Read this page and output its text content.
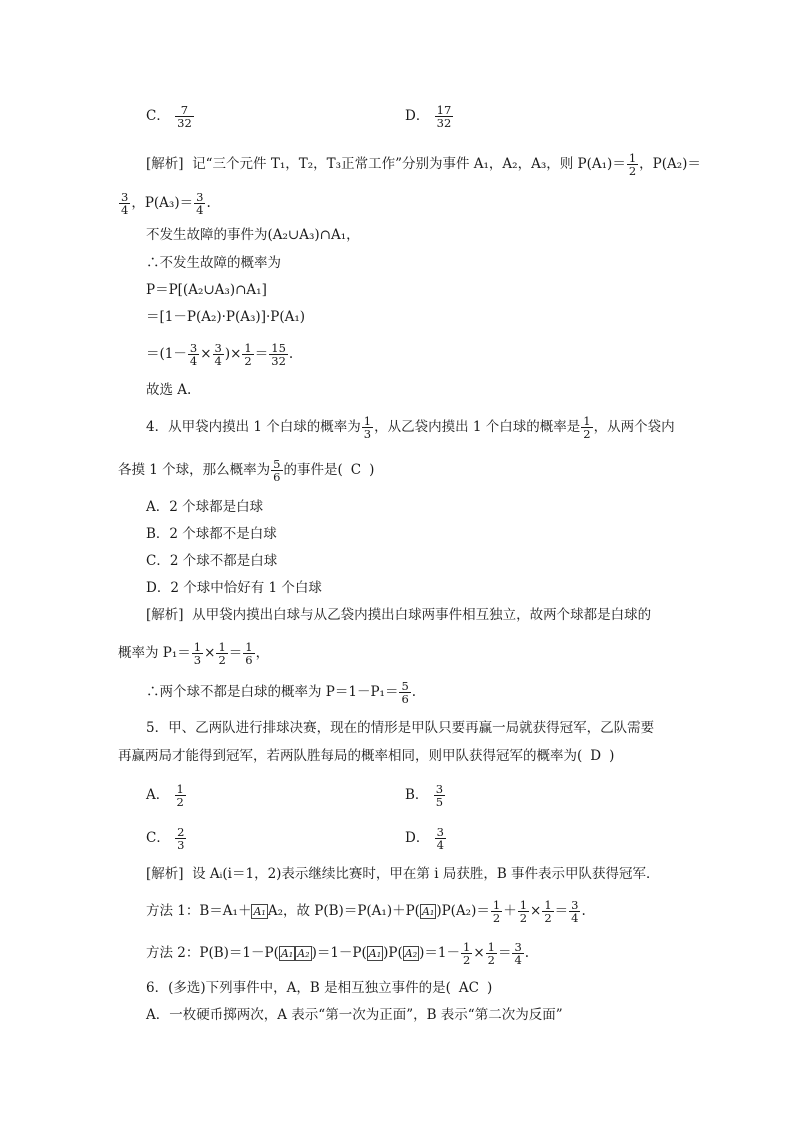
C． $\frac{7}{32}$	D． $\frac{17}{32}$
[解析] 记“三个元件 T₁，T₂，T₃正常工作”分别为事件 A₁，A₂，A₃，则 $P(A_1)= \frac{1}{2}$ ，P(A₂)＝
$\frac{3}{4}$ ，$P(A_3)= \frac{3}{4}$ .
不发生故障的事件为(A₂∪A₃)∩A₁，
∴不发生故障的概率为
P＝P[(A₂∪A₃)∩A₁]
＝[1－P(A₂)·P(A₃)]·P(A₁)
$=(1- \frac{3}{4} \times \frac{3}{4}$ )× $\frac{1}{2} = \frac{15}{32}$ .
故选 A.
4．从甲袋内摸出 1 个白球的概率为 $\frac{1}{3}$ ，从乙袋内摸出 1 个白球的概率是 $\frac{1}{2}$ ，从两个袋内
各摸 1 个球，那么概率为 $\frac{5}{6}$ 的事件是( C )
A．2 个球都是白球
B．2 个球都不是白球
C．2 个球不都是白球
D．2 个球中恰好有 1 个白球
[解析] 从甲袋内摸出白球与从乙袋内摸出白球两事件相互独立，故两个球都是白球的
概率为 $P_1= \frac{1}{3} \times \frac{1}{2} = \frac{1}{6}$ ，
∴两个球不都是白球的概率为 $P=1-P_1= \frac{5}{6}$ .
5．甲、乙两队进行排球决赛，现在的情形是甲队只要再赢一局就获得冠军，乙队需要
再赢两局才能得到冠军，若两队胜每局的概率相同，则甲队获得冠军的概率为( D )
A． $\frac{1}{2}$	B． $\frac{3}{5}$
C． $\frac{2}{3}$	D． $\frac{3}{4}$
[解析] 设 Aᵢ(i＝1，2)表示继续比赛时，甲在第 i 局获胜，B 事件表示甲队获得冠军．
方法 1：B＝A₁＋ A₁ A₂，故 P(B)＝P(A₁)＋P( A₁ )$P(A_2)= \frac{1}{2} + \frac{1}{2} \times \frac{1}{2} = \frac{3}{4}$ .
方法 2：P(B)＝1－P( A₁ A₂ )＝1－P( A₁ )P( A₂ )$=1- \frac{1}{2} \times \frac{1}{2} = \frac{3}{4}$ .
6．(多选)下列事件中，A，B 是相互独立事件的是( AC )
A．一枚硬币掷两次，A 表示“第一次为正面”，B 表示“第二次为反面”
